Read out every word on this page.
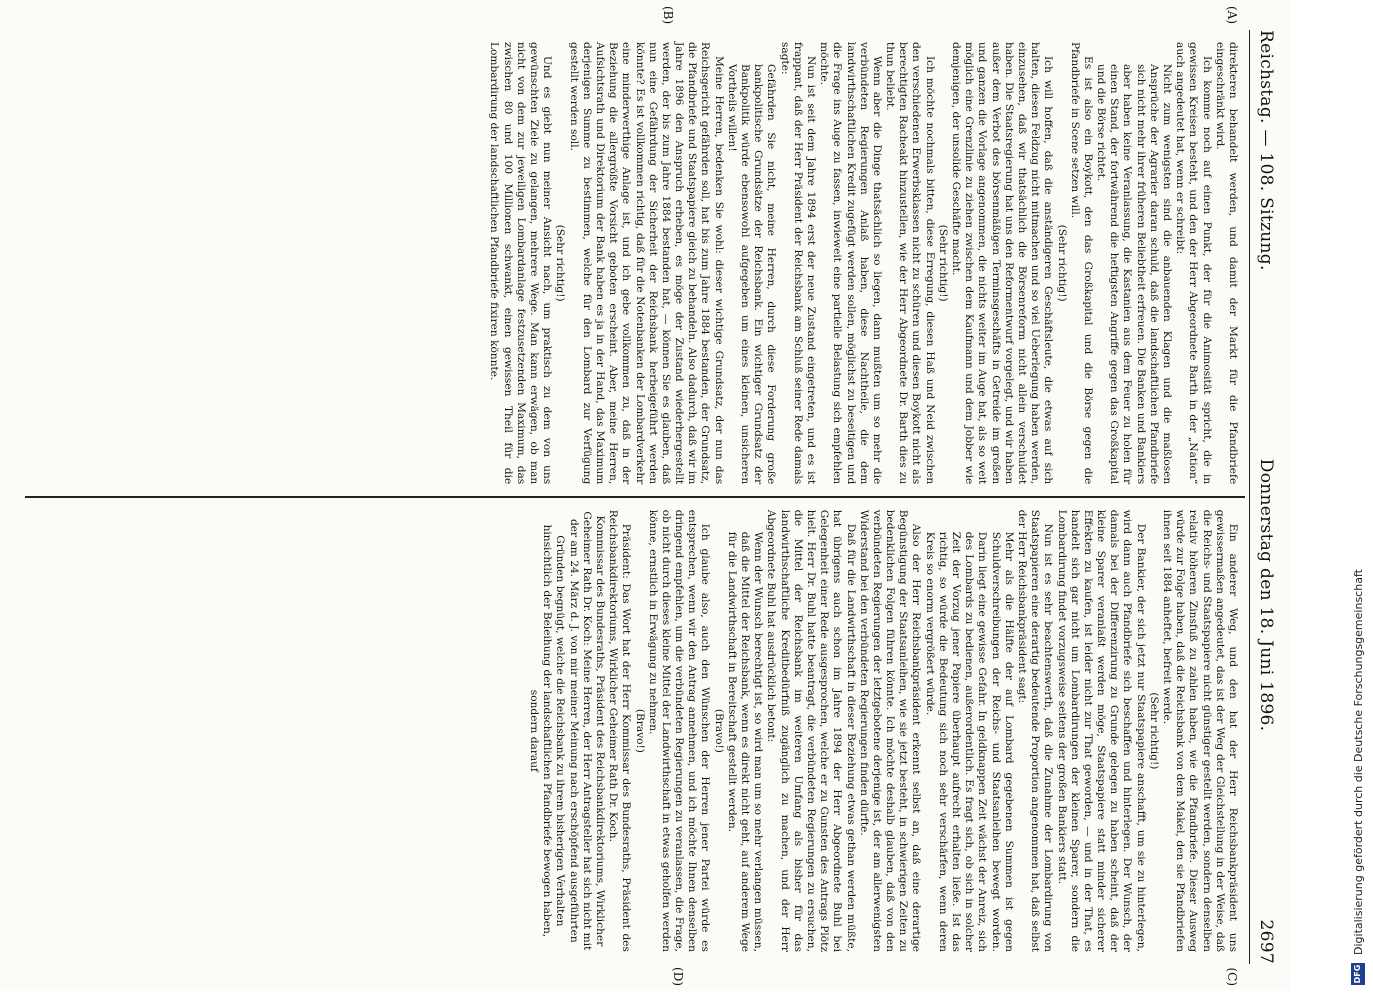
Reichstag. — 108. Sitzung.
Donnerstag den 18. Juni 1896.
2697
(A)
(B)

direkteren behandelt werden, und damit der Markt für die Pfandbriefe eingeschränkt wird.

Ich komme noch auf einen Punkt, der für die Animosität spricht, die in gewissen Kreisen besteht, und den der Herr Abgeordnete Barth in der „Nation“ auch angedeutet hat, wenn er schreibt:

Nicht zum wenigsten sind die anbauenden Klagen und die maßlosen Ansprüche der Agrarier daran schuld, daß die landschaftlichen Pfandbriefe sich nicht mehr ihrer früheren Beliebtheit erfreuen. Die Banken und Bankiers aber haben keine Veranlassung, die Kastanien aus dem Feuer zu holen für einen Stand, der fortwährend die heftigsten Angriffe gegen das Großkapital und die Börse richtet.

Es ist also ein Boykott, den das Großkapital und die Börse gegen die Pfandbriefe in Scene setzen will.

(Sehr richtig!)

Ich will hoffen, daß die anständigeren Geschäftsleute, die etwas auf sich halten, diesen Feldzug nicht mitmachen und so viel Ueberlegung haben werden, einzusehen, daß wir thatsächlich die Börsenreform nicht allein verschuldet haben. Die Staatsregierung hat uns den Reformentwurf vorgelegt, und wir haben außer dem Verbot des börsenmäßigen Terminsgeschäfts in Getreide im großen und ganzen die Vorlage angenommen, die nichts weiter im Auge hat, als so weit möglich eine Grenzlinie zu ziehen zwischen dem Kaufmann und dem Jobber wie demjenigen, der unsolide Geschäfte macht.

(Sehr richtig!)

Ich möchte nochmals bitten, diese Erregung, diesen Haß und Neid zwischen den verschiedenen Erwerbsklassen nicht zu schüren und diesen Boykott nicht als berechtigten Racheakt hinzustellen, wie der Herr Abgeordnete Dr. Barth dies zu thun beliebt.

Wenn aber die Dinge thatsächlich so liegen, dann mußten um so mehr die verbündeten Regierungen Anlaß haben, diese Nachtheile, die dem landwirthschaftlichen Kredit zugefügt werden sollen, möglichst zu beseitigen und die Frage ins Auge zu fassen, inwieweit eine partielle Belastung sich empfehlen möchte.

Nun ist seit dem Jahre 1894 erst der neue Zustand eingetreten, und es ist frappant, daß der Herr Präsident der Reichsbank am Schluß seiner Rede damals sagte:

Gefährden Sie nicht, meine Herren, durch diese Forderung große bankpolitische Grundsätze der Reichsbank. Ein wichtiger Grundsatz der Bankpolitik würde ebensowohl aufgegeben um eines kleinen, unsicheren Vortheils willen!

Meine Herren, bedenken Sie wohl: dieser wichtige Grundsatz, der nun das Reichsgericht gefährden soll, hat bis zum Jahre 1884 bestanden, der Grundsatz, die Pfandbriefe und Staatspapiere gleich zu behandeln. Also dadurch, daß wir im Jahre 1896 den Anspruch erheben, es möge der Zustand wiederhergestellt werden, der bis zum Jahre 1884 bestanden hat, — können Sie es glauben, daß nun eine Gefährdung der Sicherheit der Reichsbank herbeigeführt werden könnte? Es ist vollkommen richtig, daß für die Notenbanken der Lombardverkehr eine minderwerthige Anlage ist, und ich gebe vollkommen zu, daß in der Beziehung die allergrößte Vorsicht geboten erscheint. Aber, meine Herren, Aufsichtsrath und Direktorium der Bank haben es ja in der Hand, das Maximum derjenigen Summe zu bestimmen, welche für den Lombard zur Verfügung gestellt werden soll.

(Sehr richtig!)

Und es giebt nun meiner Ansicht nach, um praktisch zu dem von uns gewünschten Ziele zu gelangen, mehrere Wege. Man kann erwägen, ob man nicht von dem zur jeweiligen Lombardanlage festzusetzenden Maximum, das zwischen 80 und 100 Millionen schwankt, einen gewissen Theil für die Lombardirung der landschaftlichen Pfandbriefe fixiren könnte.

(C)
(D)

Ein anderer Weg, und den hat der Herr Reichsbankpräsident uns gewissermaßen angedeutet, das ist der Weg der Gleichstellung in der Weise, daß die Reichs- und Staatspapiere nicht günstiger gestellt werden, sondern denselben relativ höheren Zinsfuß zu zahlen haben, wie die Pfandbriefe. Dieser Ausweg würde zur Folge haben, daß die Reichsbank von dem Makel, den sie Pfandbriefen ihnen seit 1884 anheftet, befreit werde.

(Sehr richtig!)

Der Bankier, der sich jetzt nur Staatspapiere anschafft, um sie zu hinterlegen, wird dann auch Pfandbriefe sich beschaffen und hinterlegen. Der Wunsch, der damals bei der Differenzirung zu Grunde gelegen zu haben scheint, daß der kleine Sparer veranlaßt werden möge, Staatspapiere statt minder sicherer Effekten zu kaufen, ist leider nicht zur That geworden, — und in der That, es handelt sich gar nicht um Lombardirungen der kleinen Sparer, sondern die Lombardirung findet vorzugsweise seitens der großen Bankiers statt.

Nun ist es sehr beachtenswerth, daß die Zunahme der Lombardirung von Staatspapieren eine derartig bedeutende Proportion angenommen hat, daß selbst der Herr Reichsbankpräsident sagt:

Mehr als die Hälfte der auf Lombard gegebenen Summen ist gegen Schuldverschreibungen der Reichs- und Staatsanleihen bewegt worden. Darin liegt eine gewisse Gefahr. In geldknappen Zeit wächst der Anreiz, sich des Lombards zu bedienen, außerordentlich. Es fragt sich, ob sich in solcher Zeit der Vorzug jener Papiere überhaupt aufrecht erhalten ließe. Ist das richtig, so würde die Bedeutung sich noch sehr verschärfen, wenn deren Kreis so enorm vergrößert würde.

Also der Herr Reichsbankpräsident erkennt selbst an, daß eine derartige Begünstigung der Staatsanleihen, wie sie jetzt besteht, in schwierigen Zeiten zu bedenklichen Folgen führen könnte. Ich möchte deshalb glauben, daß von den verbündeten Regierungen der letztgebotene derjenige ist, der am allerwenigsten Widerstand bei den verbündeten Regierungen finden dürfte.

Daß für die Landwirthschaft in dieser Beziehung etwas gethan werden müßte, hat übrigens auch schon im Jahre 1894 der Herr Abgeordnete Buhl bei Gelegenheit einer Rede ausgesprochen, welche er zu Gunsten des Antrags Plötz hielt. Herr Dr. Buhl hatte beantragt, die verbündeten Regierungen zu ersuchen, die Mittel der Reichsbank im weiteren Umfang als bisher für das landwirthschaftliche Kreditbedürfniß zugänglich zu machen, und der Herr Abgeordnete Buhl hat ausdrücklich betont:

Wenn der Wunsch berechtigt ist, so wird man um so mehr verlangen müssen, daß die Mittel der Reichsbank, wenn es direkt nicht geht, auf anderem Wege für die Landwirthschaft in Bereitschaft gestellt werden.

(Bravo!)

Ich glaube also, auch den Wünschen der Herren jener Partei würde es entsprechen, wenn wir den Antrag annehmen, und ich möchte Ihnen denselben dringend empfehlen, um die verbündeten Regierungen zu veranlassen, die Frage, ob nicht durch dieses kleine Mittel der Landwirthschaft in etwas geholfen werden könne, ernstlich in Erwägung zu nehmen.

(Bravo!)

Präsident: Das Wort hat der Herr Kommissar des Bundesraths, Präsident des Reichsbankdirektoriums, Wirklicher Geheimer Rath Dr. Koch.

Kommissar des Bundesraths, Präsident des Reichsbankdirektoriums, Wirklicher Geheimer Rath Dr. Koch: Meine Herren, der Herr Antragsteller hat sich nicht mit der am 24. März d. J. von mir meiner Meinung nach erschöpfend ausgeführten Gründen begnügt, welche die Reichsbank zu ihrem bisherigen Verhalten hinsichtlich der Beleihung der landschaftlichen Pfandbriefe bewogen haben, sondern darauf

DFG
Digitalisierung gefördert durch die Deutsche Forschungsgemeinschaft
